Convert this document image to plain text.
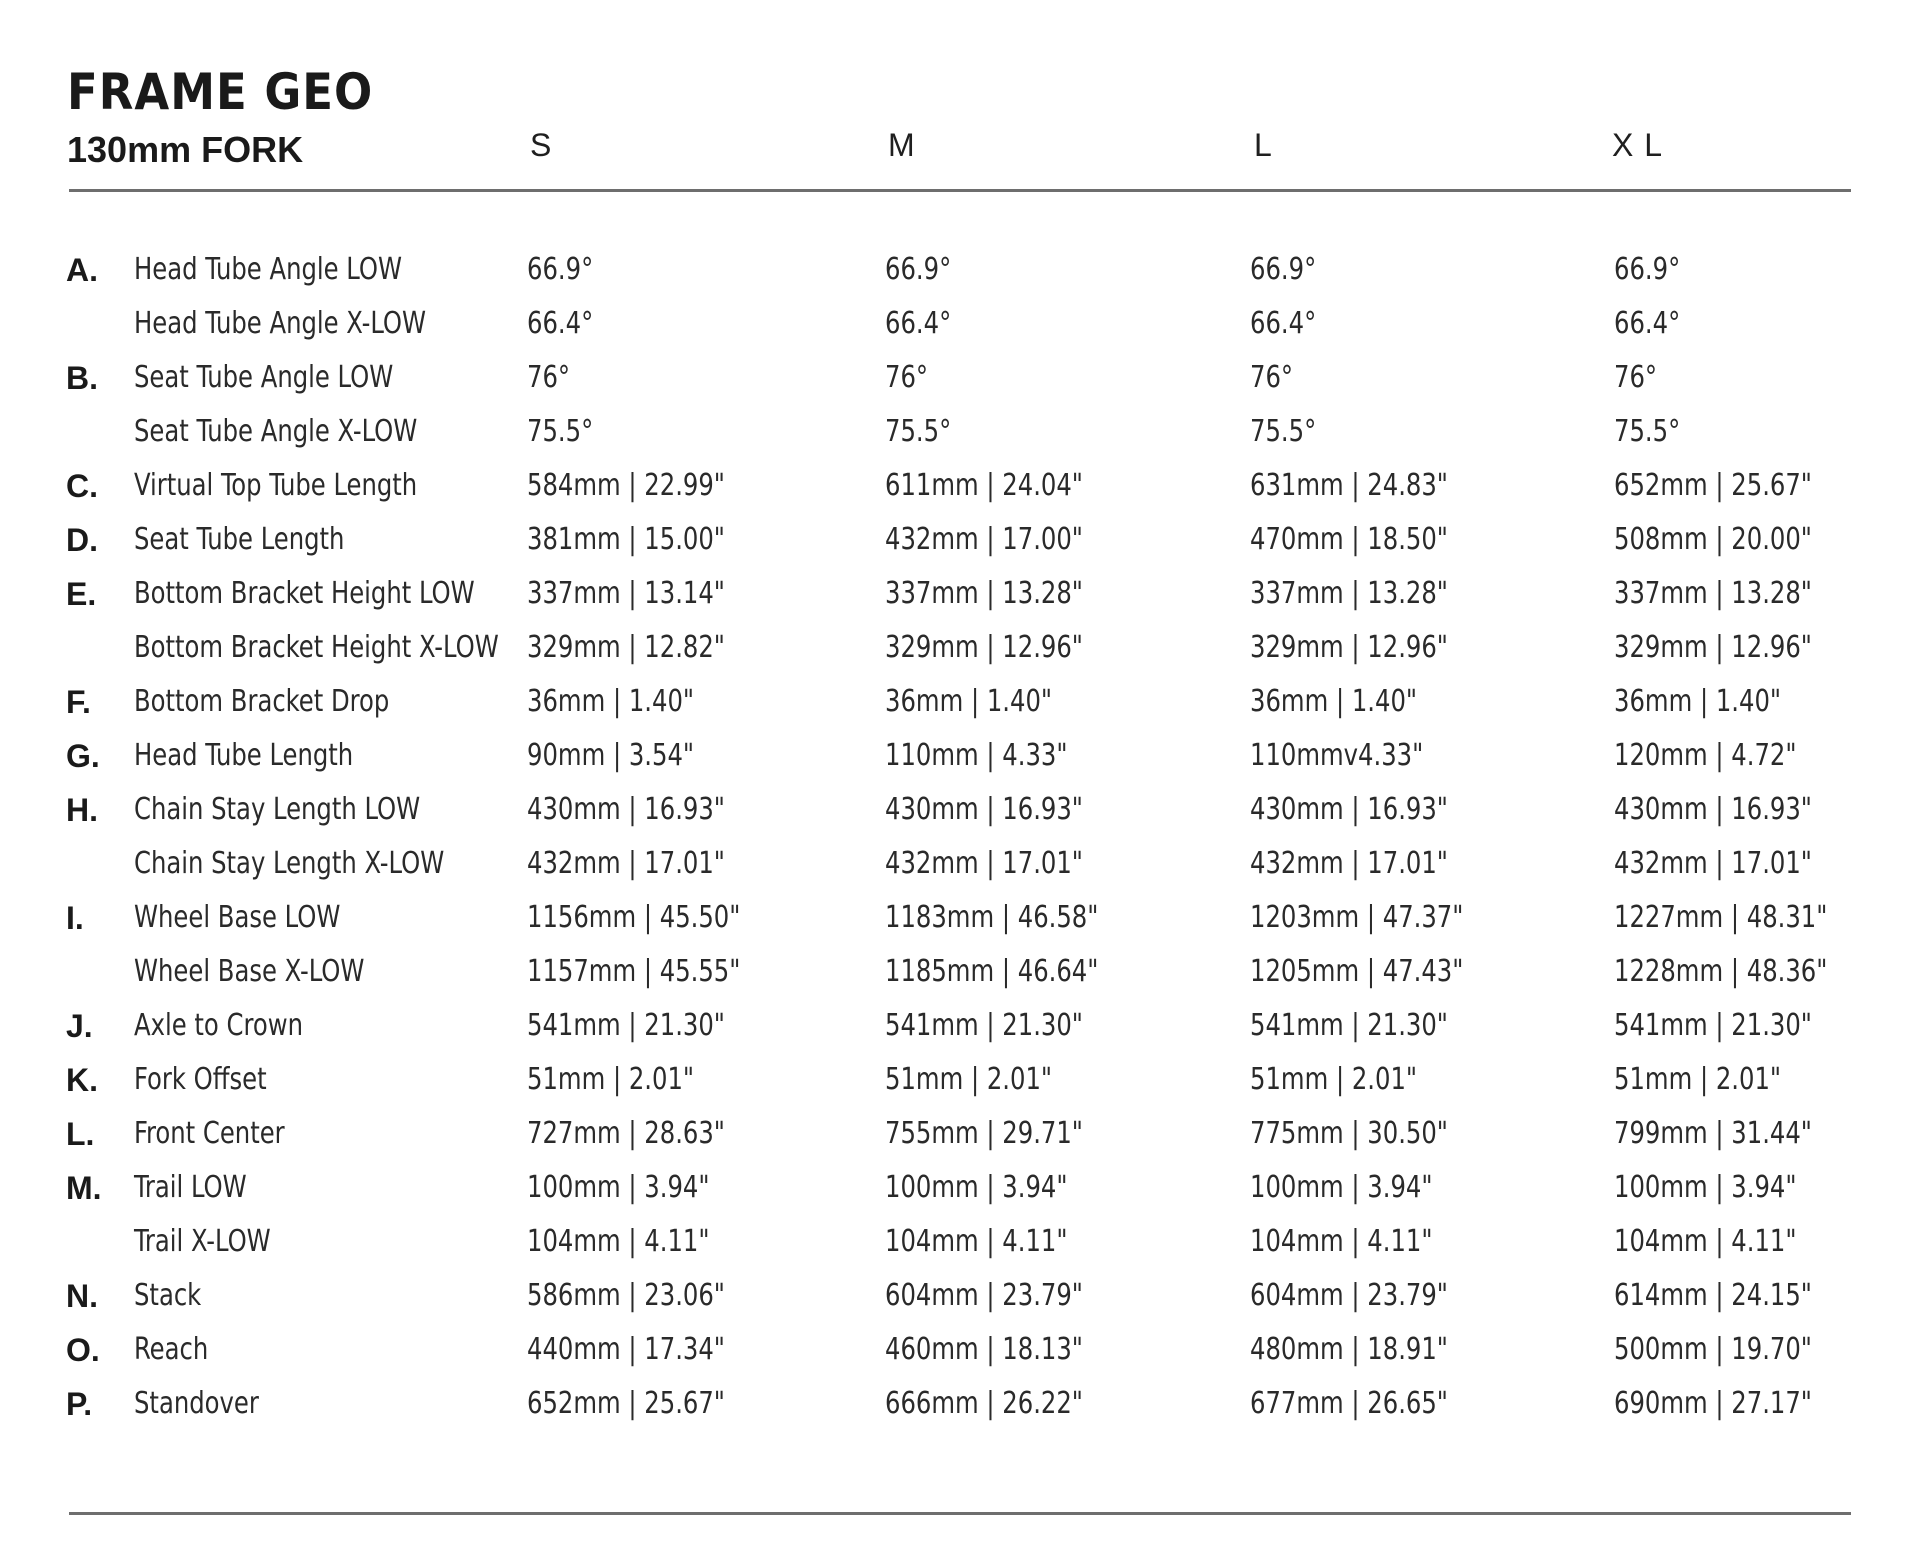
FRAME GEO
130mm FORK	S	M	L	X L
A. Head Tube Angle LOW	66.9°	66.9°	66.9°	66.9°
Head Tube Angle X-LOW	66.4°	66.4°	66.4°	66.4°
B. Seat Tube Angle LOW	76°	76°	76°	76°
Seat Tube Angle X-LOW	75.5°	75.5°	75.5°	75.5°
C. Virtual Top Tube Length	584mm | 22.99"	611mm | 24.04"	631mm | 24.83"	652mm | 25.67"
D. Seat Tube Length	381mm | 15.00"	432mm | 17.00"	470mm | 18.50"	508mm | 20.00"
E. Bottom Bracket Height LOW 337mm | 13.14"	337mm | 13.28"	337mm | 13.28"	337mm | 13.28"
Bottom Bracket Height X-LOW 329mm | 12.82"	329mm | 12.96"	329mm | 12.96"	329mm | 12.96"
F. Bottom Bracket Drop	36mm | 1.40"	36mm | 1.40"	36mm | 1.40"	36mm | 1.40"
G. Head Tube Length	90mm | 3.54"	110mm | 4.33"	110mmv4.33"	120mm | 4.72"
H. Chain Stay Length LOW	430mm | 16.93"	430mm | 16.93"	430mm | 16.93"	430mm | 16.93"
Chain Stay Length X-LOW	432mm | 17.01"	432mm | 17.01"	432mm | 17.01"	432mm | 17.01"
I. Wheel Base LOW	1156mm | 45.50"	1183mm | 46.58"	1203mm | 47.37"	1227mm | 48.31"
Wheel Base X-LOW	1157mm | 45.55"	1185mm | 46.64"	1205mm | 47.43"	1228mm | 48.36"
J. Axle to Crown	541mm | 21.30"	541mm | 21.30"	541mm | 21.30"	541mm | 21.30"
K. Fork Offset	51mm | 2.01"	51mm | 2.01"	51mm | 2.01"	51mm | 2.01"
L. Front Center	727mm | 28.63"	755mm | 29.71"	775mm | 30.50"	799mm | 31.44"
M. Trail LOW	100mm | 3.94"	100mm | 3.94"	100mm | 3.94"	100mm | 3.94"
Trail X-LOW	104mm | 4.11"	104mm | 4.11"	104mm | 4.11"	104mm | 4.11"
N. Stack	586mm | 23.06"	604mm | 23.79"	604mm | 23.79"	614mm | 24.15"
O. Reach	440mm | 17.34"	460mm | 18.13"	480mm | 18.91"	500mm | 19.70"
P. Standover	652mm | 25.67"	666mm | 26.22"	677mm | 26.65"	690mm | 27.17"
